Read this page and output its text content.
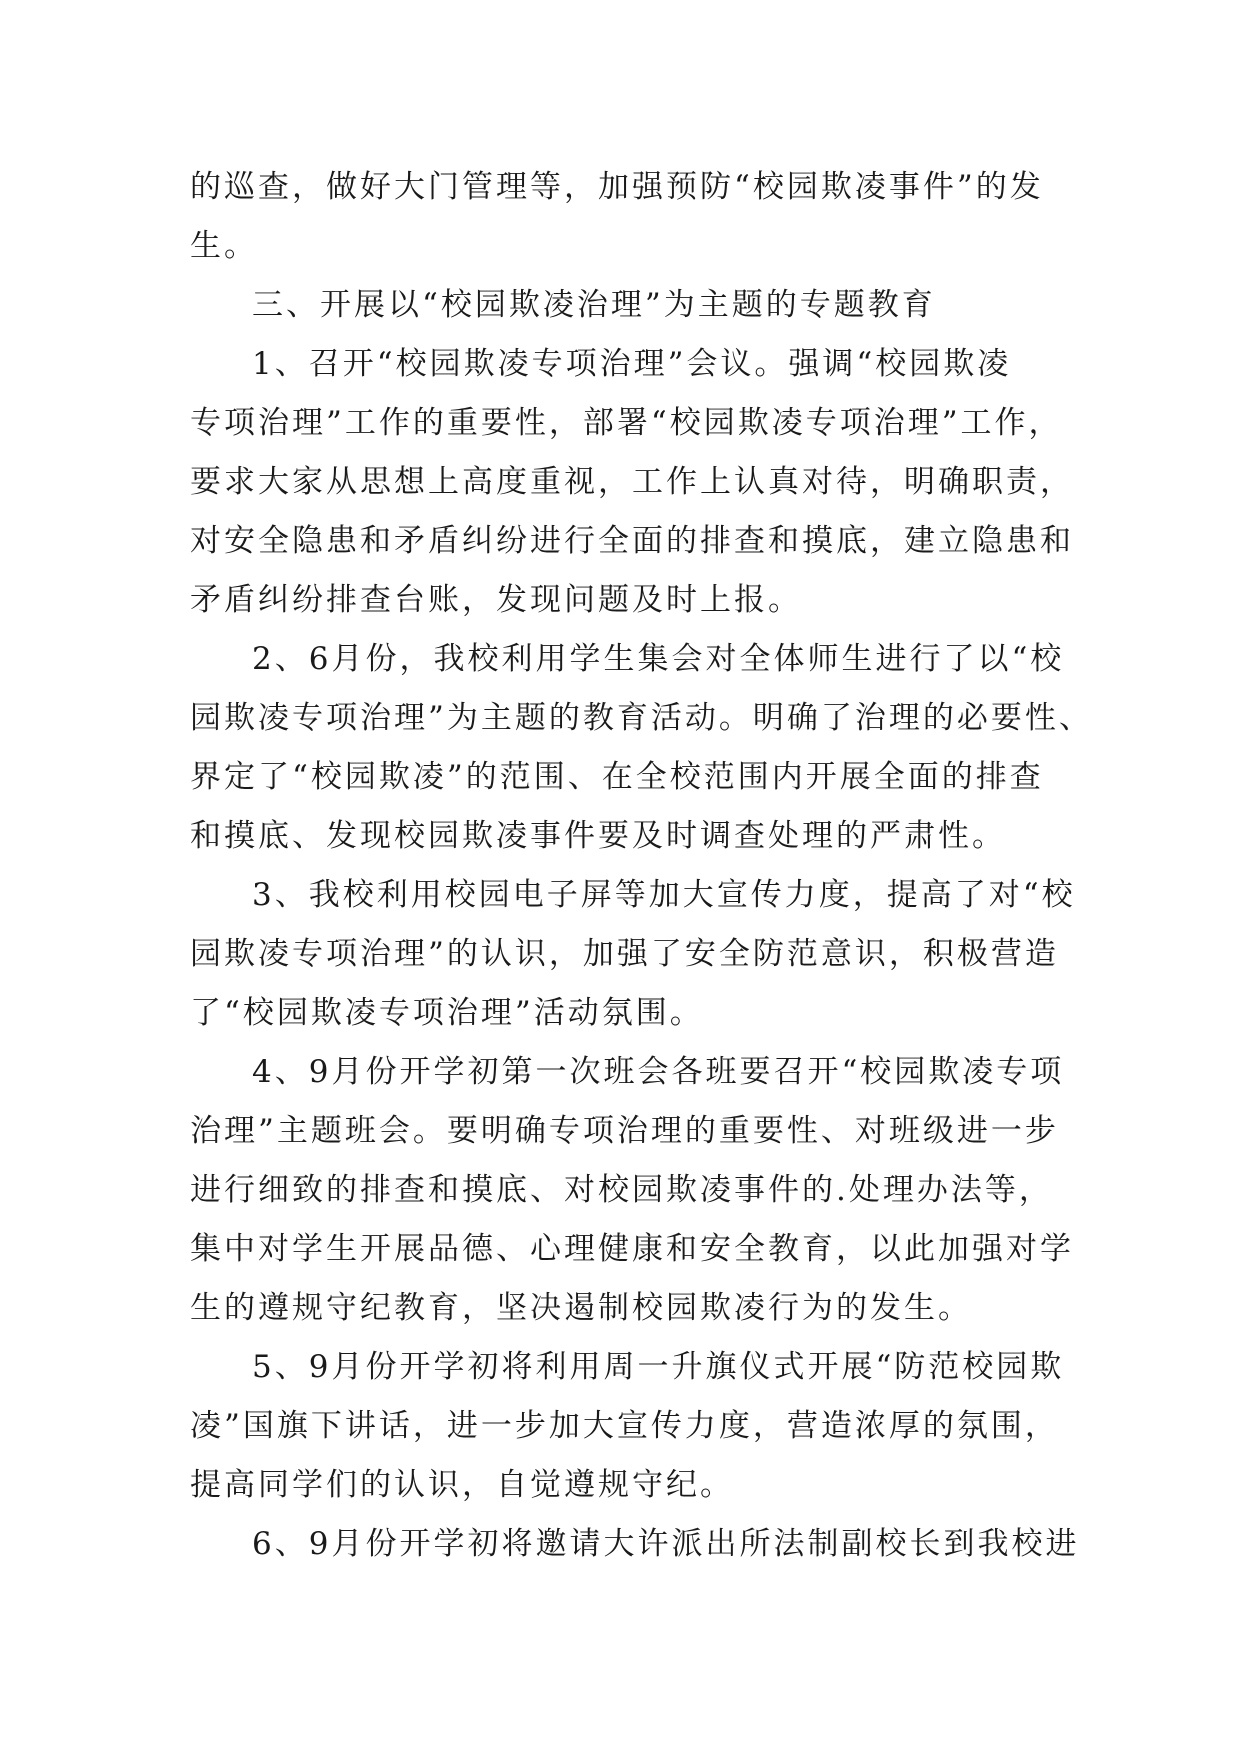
的巡查，做好大门管理等，加强预防“校园欺凌事件”的发
生。
三、开展以“校园欺凌治理”为主题的专题教育
1、召开“校园欺凌专项治理”会议。强调“校园欺凌
专项治理”工作的重要性，部署“校园欺凌专项治理”工作，
要求大家从思想上高度重视，工作上认真对待，明确职责，
对安全隐患和矛盾纠纷进行全面的排查和摸底，建立隐患和
矛盾纠纷排查台账，发现问题及时上报。
2、6月份，我校利用学生集会对全体师生进行了以“校
园欺凌专项治理”为主题的教育活动。明确了治理的必要性、
界定了“校园欺凌”的范围、在全校范围内开展全面的排查
和摸底、发现校园欺凌事件要及时调查处理的严肃性。
3、我校利用校园电子屏等加大宣传力度，提高了对“校
园欺凌专项治理”的认识，加强了安全防范意识，积极营造
了“校园欺凌专项治理”活动氛围。
4、9月份开学初第一次班会各班要召开“校园欺凌专项
治理”主题班会。要明确专项治理的重要性、对班级进一步
进行细致的排查和摸底、对校园欺凌事件的.处理办法等，
集中对学生开展品德、心理健康和安全教育，以此加强对学
生的遵规守纪教育，坚决遏制校园欺凌行为的发生。
5、9月份开学初将利用周一升旗仪式开展“防范校园欺
凌”国旗下讲话，进一步加大宣传力度，营造浓厚的氛围，
提高同学们的认识，自觉遵规守纪。
6、9月份开学初将邀请大许派出所法制副校长到我校进
